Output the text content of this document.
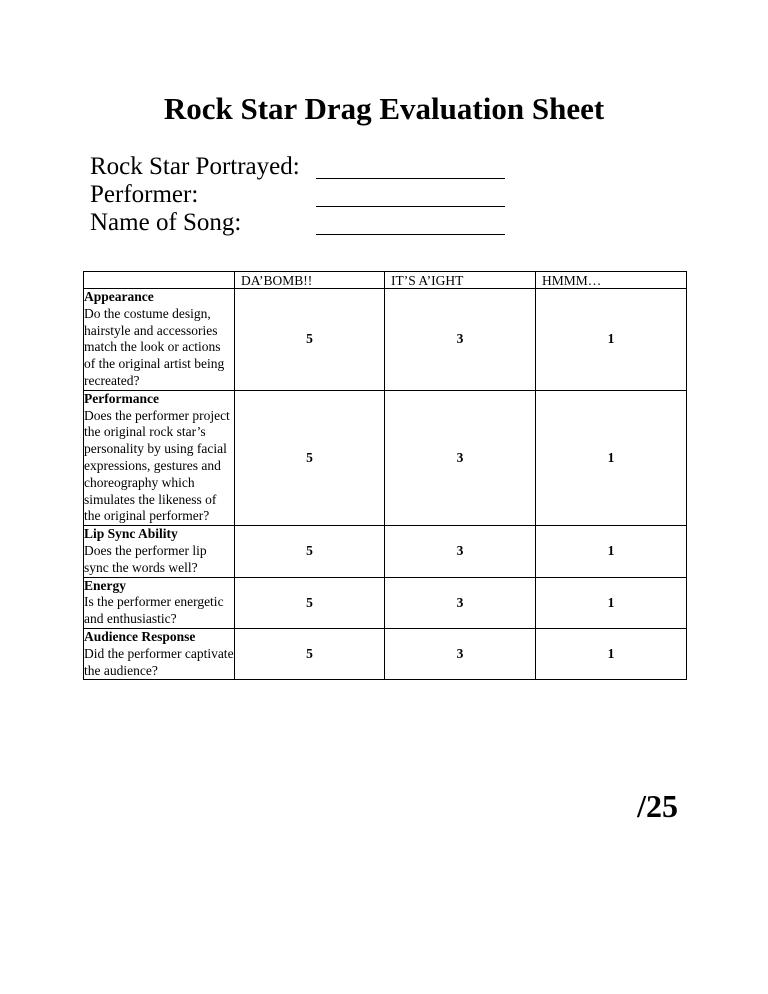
Rock Star Drag Evaluation Sheet
Rock Star Portrayed:
Performer:
Name of Song:
	DA’BOMB!!	IT’S A’IGHT	HMMM…

Appearance
Do the costume design, hairstyle and accessories match the look or actions of the original artist being recreated?	5	3	1

Performance
Does the performer project the original rock star’s personality by using facial expressions, gestures and choreography which simulates the likeness of the original performer?	5	3	1

Lip Sync Ability
Does the performer lip sync the words well?	5	3	1

Energy
Is the performer energetic and enthusiastic?	5	3	1

Audience Response
Did the performer captivate the audience?	5	3	1
/25
